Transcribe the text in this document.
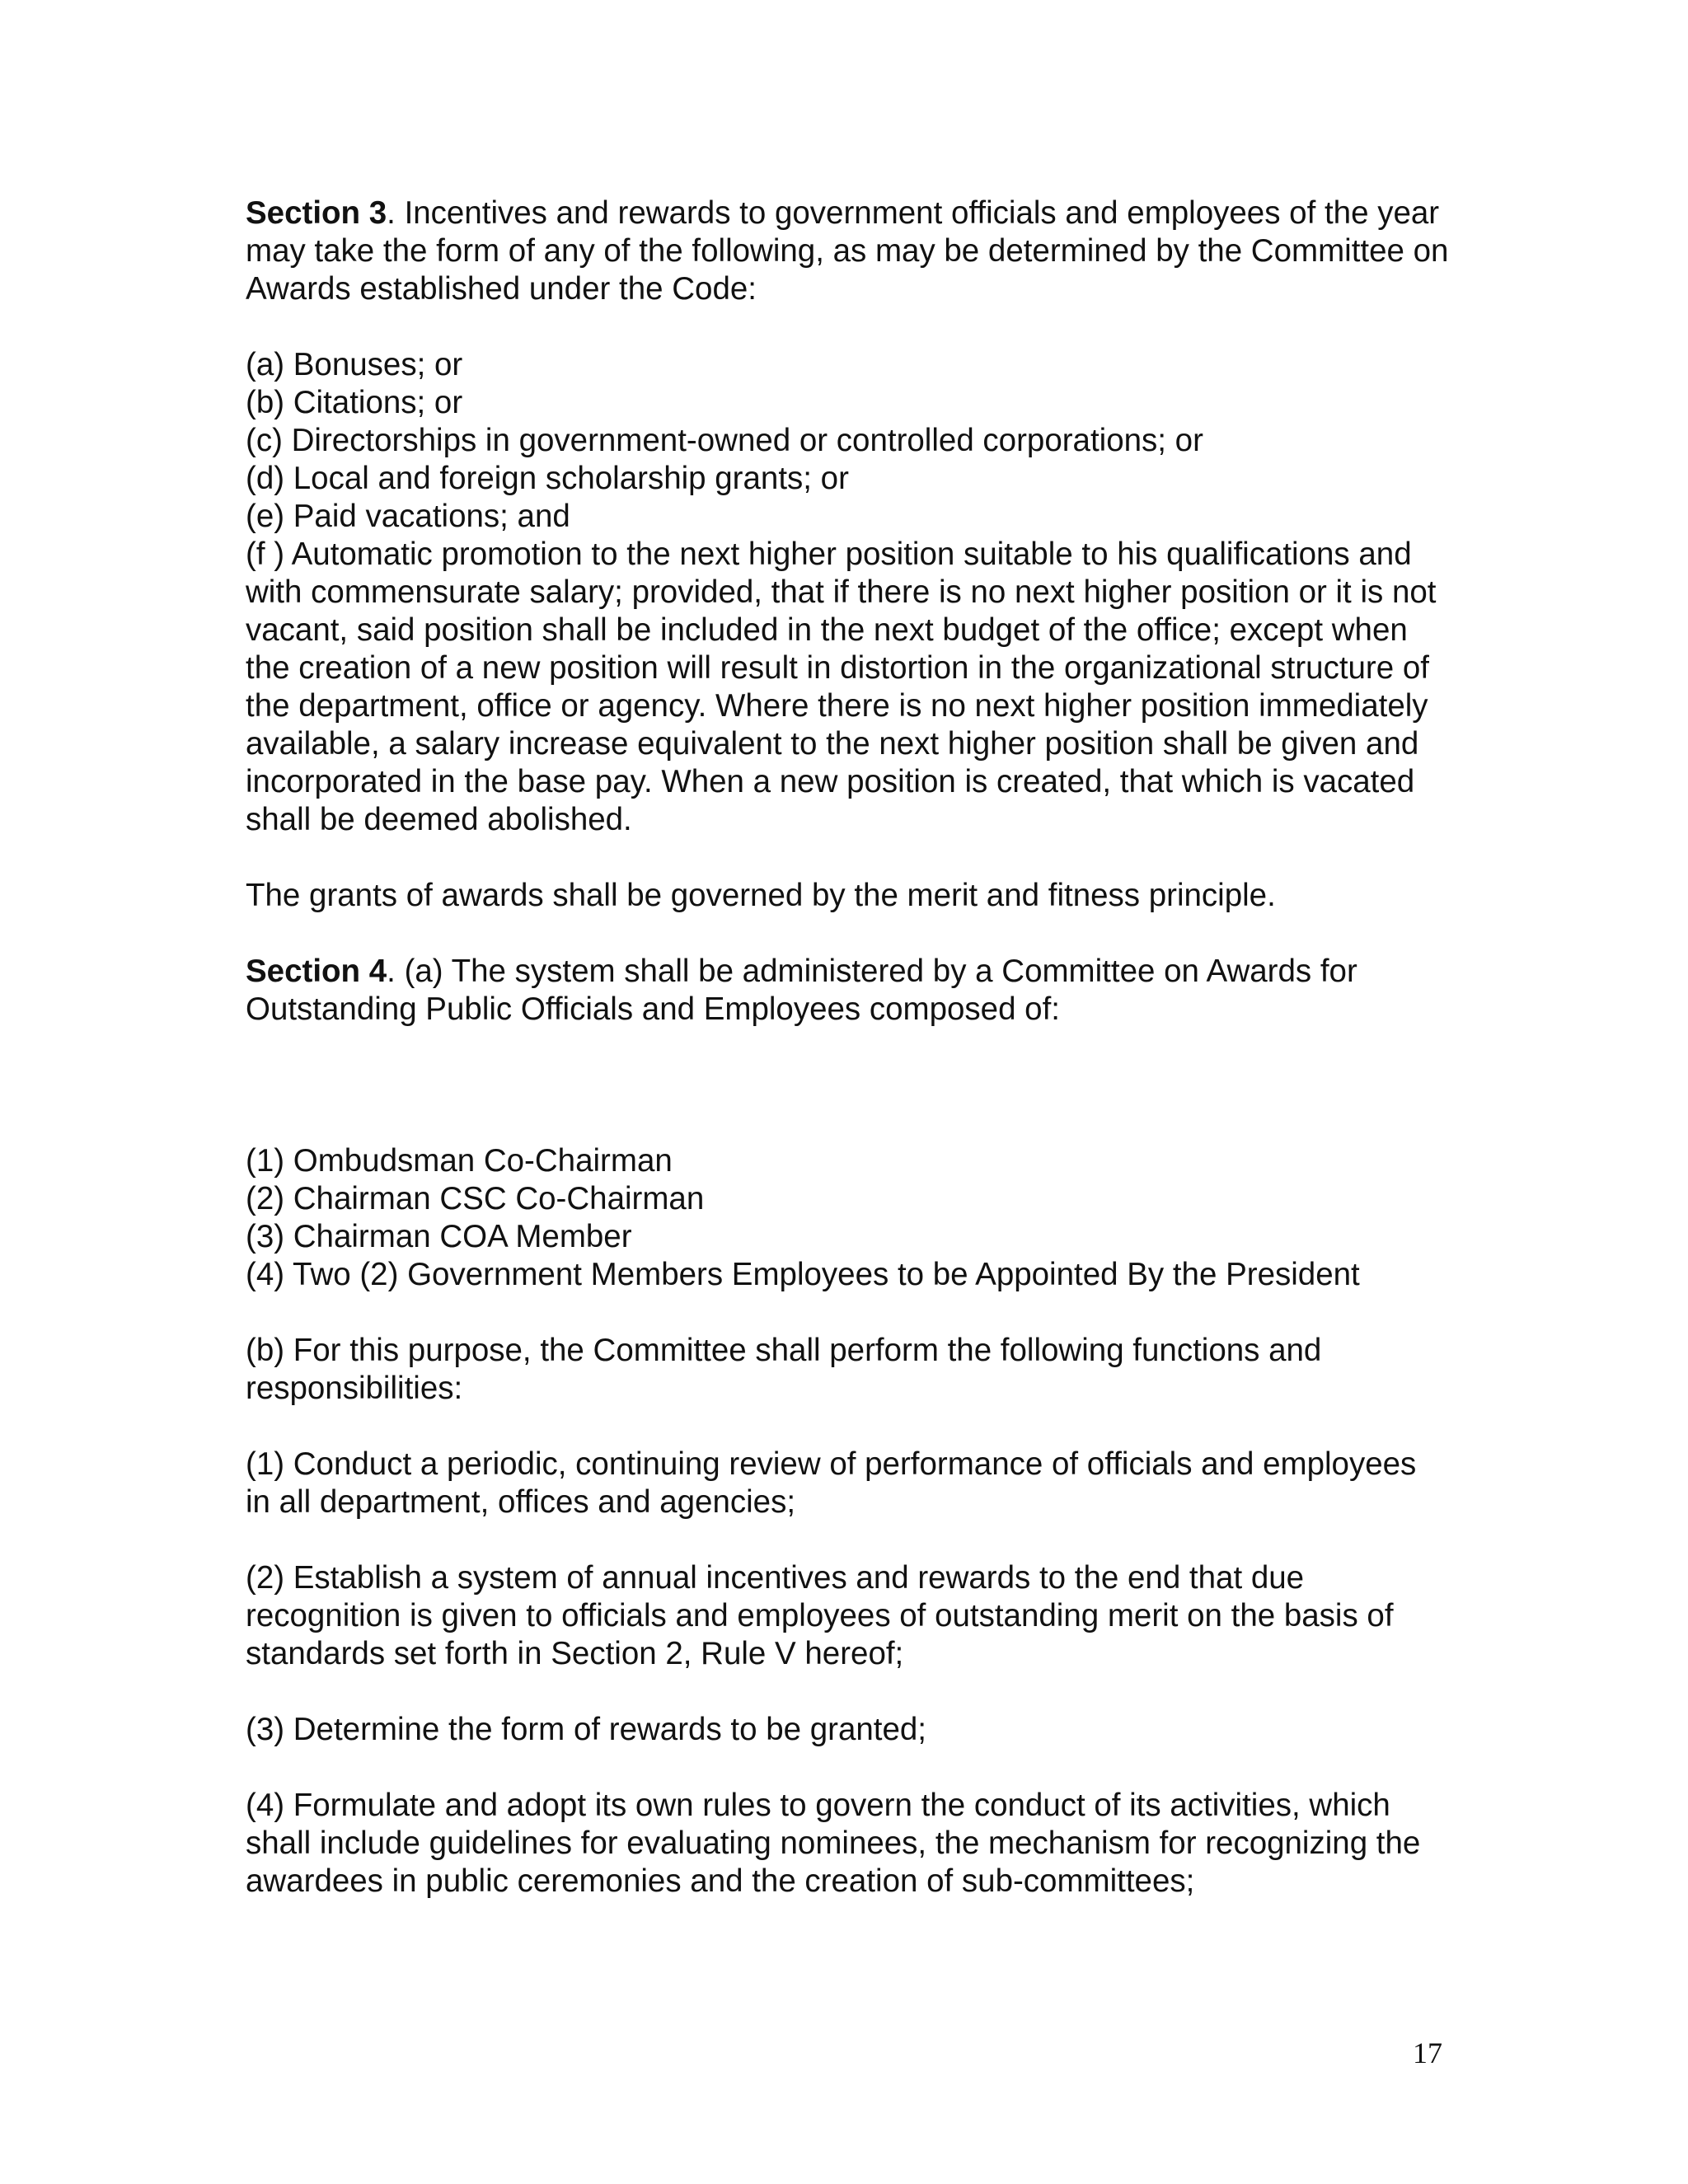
Section 3. Incentives and rewards to government officials and employees of the year may take the form of any of the following, as may be determined by the Committee on Awards established under the Code:

(a) Bonuses; or
(b) Citations; or
(c) Directorships in government-owned or controlled corporations; or
(d) Local and foreign scholarship grants; or
(e) Paid vacations; and
(f ) Automatic promotion to the next higher position suitable to his qualifications and with commensurate salary; provided, that if there is no next higher position or it is not vacant, said position shall be included in the next budget of the office; except when the creation of a new position will result in distortion in the organizational structure of the department, office or agency. Where there is no next higher position immediately available, a salary increase equivalent to the next higher position shall be given and incorporated in the base pay. When a new position is created, that which is vacated shall be deemed abolished.

The grants of awards shall be governed by the merit and fitness principle.

Section 4. (a) The system shall be administered by a Committee on Awards for Outstanding Public Officials and Employees composed of:

(1) Ombudsman Co-Chairman
(2) Chairman CSC Co-Chairman
(3) Chairman COA Member
(4) Two (2) Government Members Employees to be Appointed By the President

(b) For this purpose, the Committee shall perform the following functions and responsibilities:

(1) Conduct a periodic, continuing review of performance of officials and employees in all department, offices and agencies;

(2) Establish a system of annual incentives and rewards to the end that due recognition is given to officials and employees of outstanding merit on the basis of standards set forth in Section 2, Rule V hereof;

(3) Determine the form of rewards to be granted;

(4) Formulate and adopt its own rules to govern the conduct of its activities, which shall include guidelines for evaluating nominees, the mechanism for recognizing the awardees in public ceremonies and the creation of sub-committees;

17
